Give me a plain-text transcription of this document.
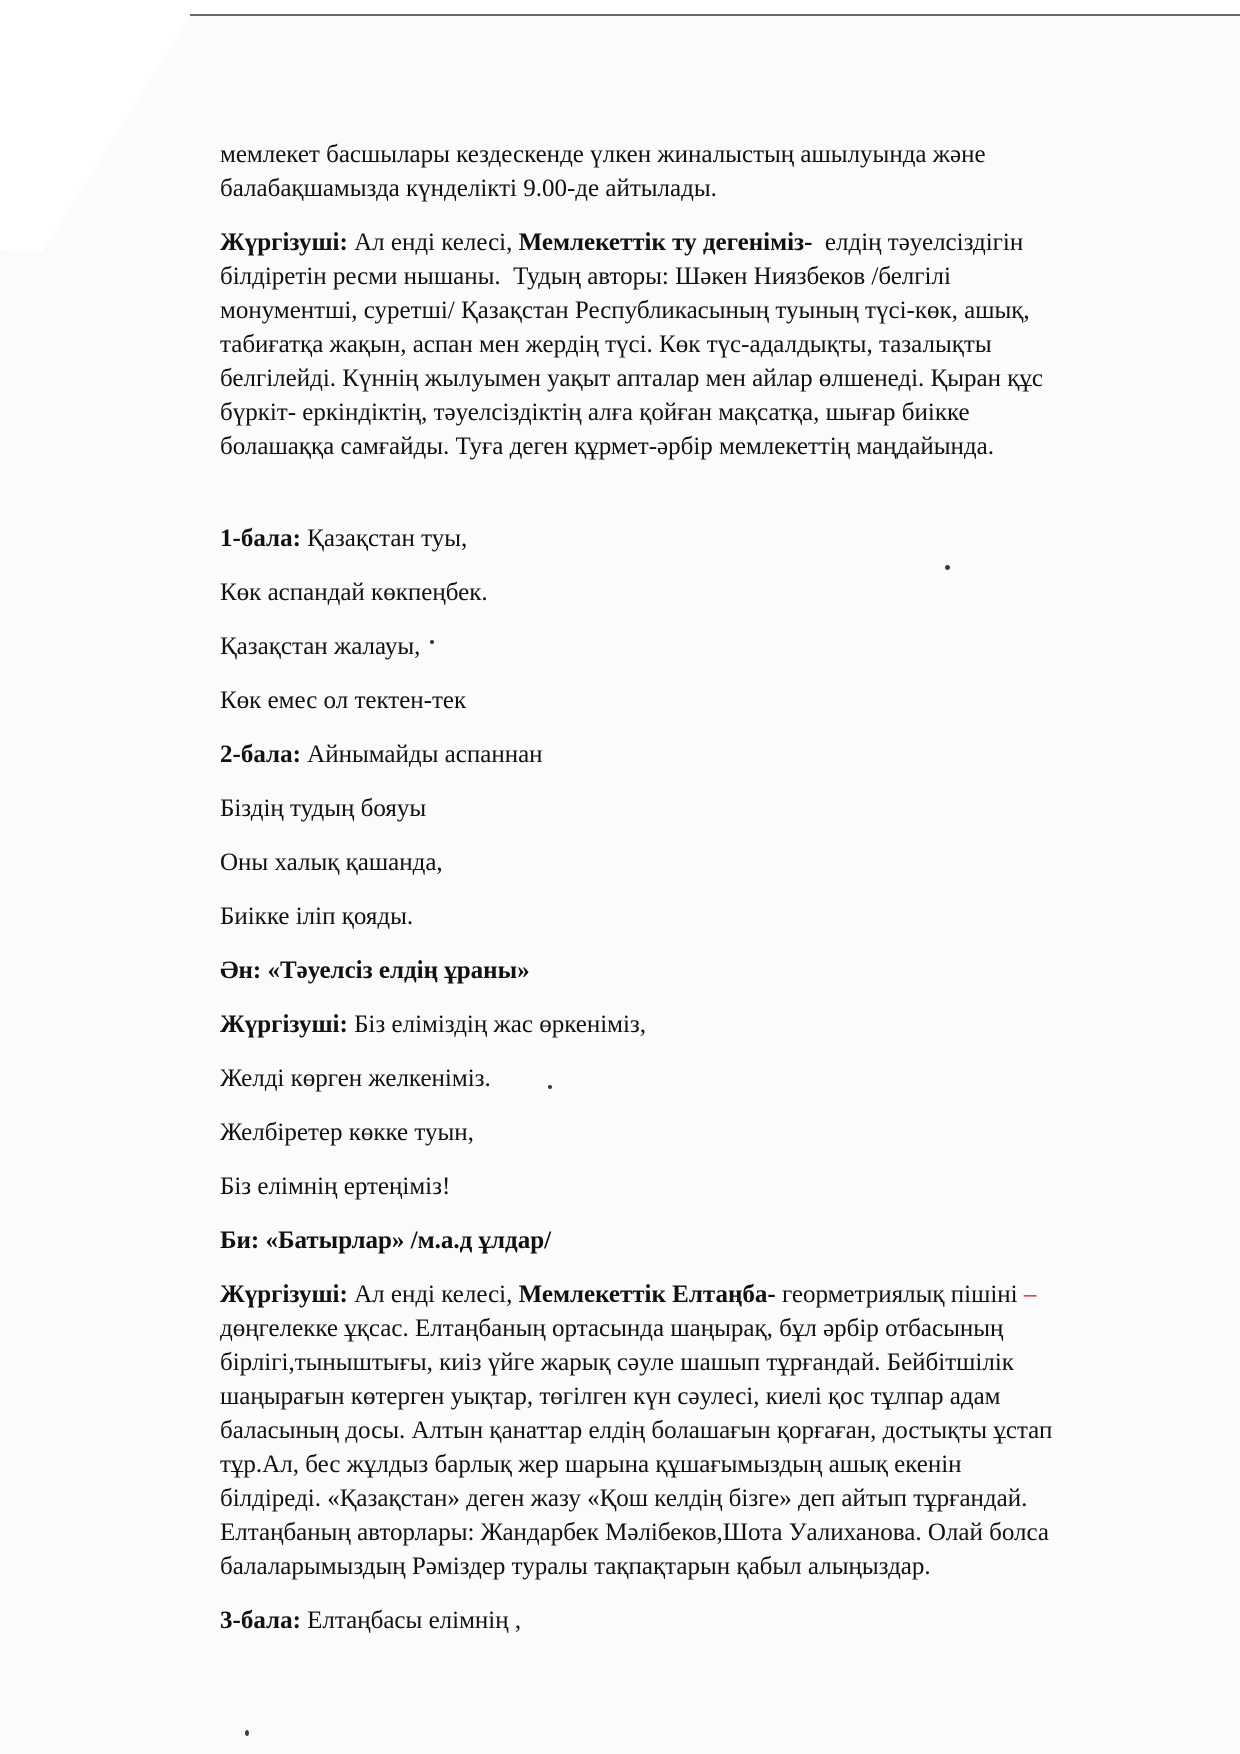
мемлекет басшылары кездескенде үлкен жиналыстың ашылуында және

балабақшамызда күнделікті 9.00-де айтылады.

Жүргізуші: Ал енді келесі, Мемлекеттік ту дегеніміз-  елдің тәуелсіздігін

білдіретін ресми нышаны.  Тудың авторы: Шәкен Ниязбеков /белгілі

монументші, суретші/ Қазақстан Республикасының туының түсі-көк, ашық,

табиғатқа жақын, аспан мен жердің түсі. Көк түс-адалдықты, тазалықты

белгілейді. Күннің жылуымен уақыт апталар мен айлар өлшенеді. Қыран құс

бүркіт- еркіндіктің, тәуелсіздіктің алға қойған мақсатқа, шығар биікке

болашаққа самғайды. Туға деген құрмет-әрбір мемлекеттің маңдайында.

1-бала: Қазақстан туы,

Көк аспандай көкпеңбек.

Қазақстан жалауы,

Көк емес ол тектен-тек

2-бала: Айнымайды аспаннан

Біздің тудың бояуы

Оны халық қашанда,

Биікке іліп қояды.

Ән: «Тәуелсіз елдің ұраны»

Жүргізуші: Біз еліміздің жас өркеніміз,

Желді көрген желкеніміз.

Желбіретер көкке туын,

Біз елімнің ертеңіміз!

Би: «Батырлар» /м.а.д ұлдар/

Жүргізуші: Ал енді келесі, Мемлекеттік Елтаңба- георметриялық пішіні –

дөңгелекке ұқсас. Елтаңбаның ортасында шаңырақ, бұл әрбір отбасының

бірлігі,тыныштығы, киіз үйге жарық сәуле шашып тұрғандай. Бейбітшілік

шаңырағын көтерген уықтар, төгілген күн сәулесі, киелі қос тұлпар адам

баласының досы. Алтын қанаттар елдің болашағын қорғаған, достықты ұстап

тұр.Ал, бес жұлдыз барлық жер шарына құшағымыздың ашық екенін

білдіреді. «Қазақстан» деген жазу «Қош келдің бізге» деп айтып тұрғандай.

Елтаңбаның авторлары: Жандарбек Мәлібеков,Шота Уалиханова. Олай болса

балаларымыздың Рәміздер туралы тақпақтарын қабыл алыңыздар.

3-бала: Елтаңбасы елімнің ,
